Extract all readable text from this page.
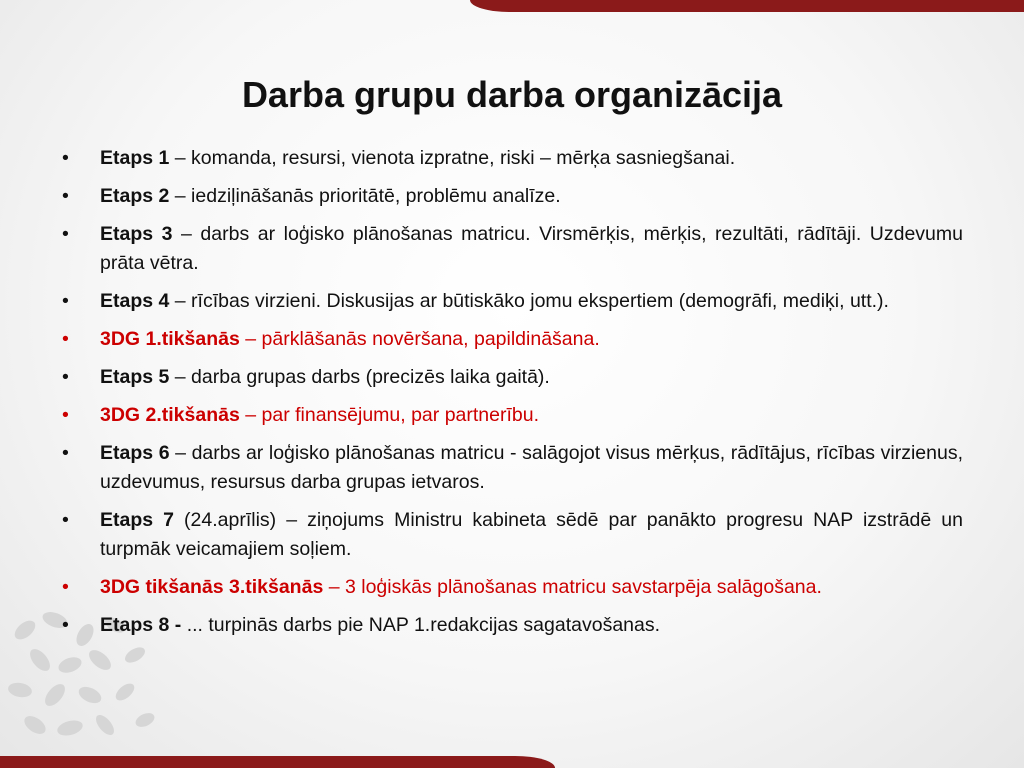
Darba grupu darba organizācija
• Etaps 1 – komanda, resursi, vienota izpratne, riski – mērķa sasniegšanai.
• Etaps 2 – iedziļināšanās prioritātē, problēmu analīze.
• Etaps 3 – darbs ar loģisko plānošanas matricu. Virsmērķis, mērķis, rezultāti, rādītāji. Uzdevumu prāta vētra.
• Etaps 4 – rīcības virzieni. Diskusijas ar būtiskāko jomu ekspertiem (demogrāfi, mediķi, utt.).
• 3DG 1.tikšanās – pārklāšanās novēršana, papildināšana.
• Etaps 5 – darba grupas darbs (precizēs laika gaitā).
• 3DG 2.tikšanās – par finansējumu, par partnerību.
• Etaps 6 – darbs ar loģisko plānošanas matricu - salāgojot visus mērķus, rādītājus, rīcības virzienus, uzdevumus, resursus darba grupas ietvaros.
• Etaps 7 (24.aprīlis) – ziņojums Ministru kabineta sēdē par panākto progresu NAP izstrādē un turpmāk veicamajiem soļiem.
• 3DG tikšanās 3.tikšanās – 3 loģiskās plānošanas matricu savstarpēja salāgošana.
• Etaps 8 - ... turpinās darbs pie NAP 1.redakcijas sagatavošanas.
